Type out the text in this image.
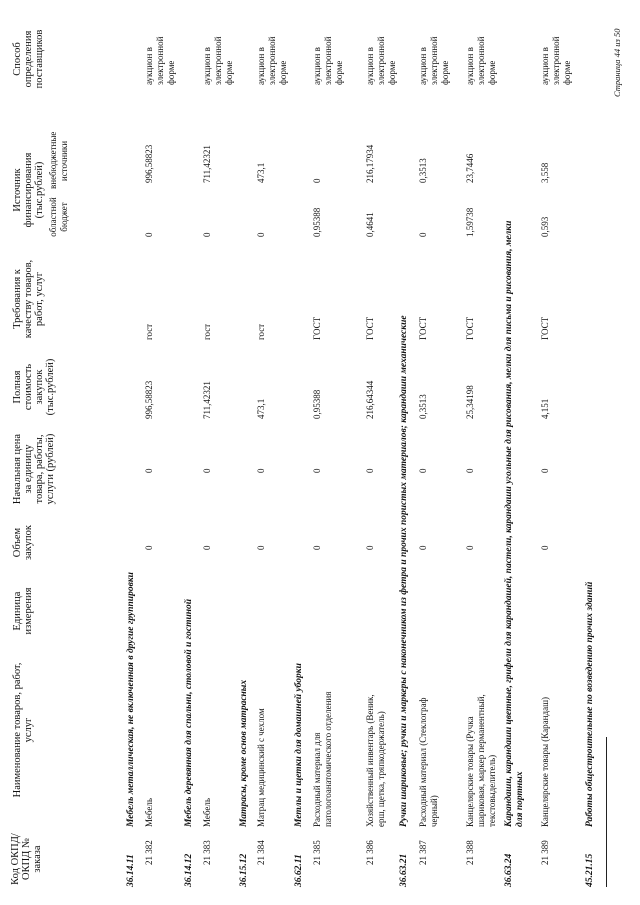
Код ОКПД/ ОКПД № заказа
Наименование товаров, работ, услуг
Единица измерения
Объем закупок
Начальная цена за единицу товара, работы, услуги (рублей)
Полная стоимость закупок (тыс.рублей)
Требования к качеству товаров, работ, услуг
Источник финансирования (тыс.рублей) областной бюджет
внебюджетные источники
Способ определения поставщиков
36.14.11
Мебель металлическая, не включенная в другие группировки
36.14.12
Мебель деревянная для спальни, столовой и гостиной
36.15.12
Матрасы, кроме основ матрасных
36.62.11
Метлы и щетки для домашней уборки
36.63.21
Ручки шариковые; ручки и маркеры с наконечником из фетра и прочих пористых материалов; карандаши механические
36.63.24
Карандаши, карандаши цветные, грифели для карандашей, пастели, карандаши угольные для рисования, мелки для письма и рисования, мелки для портных
45.21.15
Работы общестроительные по возведению прочих зданий
21 382
Мебель
0
0
996,58823
гост
0
996,58823
аукцион в электронной форме
21 383
Мебель
0
0
711,42321
гост
0
711,42321
аукцион в электронной форме
21 384
Матрац медицинский с чехлом
0
0
473,1
гост
0
473,1
аукцион в электронной форме
21 385
Расходный материал для патологоанатомического отделения
0
0
0,95388
ГОСТ
0,95388
0
аукцион в электронной форме
21 386
Хозяйственный инвентарь (Веник, ерш, щетка, тряпкодержатель)
0
0
216,64344
ГОСТ
0,4641
216,17934
аукцион в электронной форме
21 387
Расходный материал (Стеклограф черный)
0
0
0,3513
ГОСТ
0
0,3513
аукцион в электронной форме
21 388
Канцелярские товары (Ручка шариковая, маркер перманентный, текстовыделитель)
0
0
25,34198
ГОСТ
1,59738
23,7446
аукцион в электронной форме
21 389
Канцелярские товары (Карандаш)
0
0
4,151
ГОСТ
0,593
3,558
аукцион в электронной форме	Страница 44 из 50
